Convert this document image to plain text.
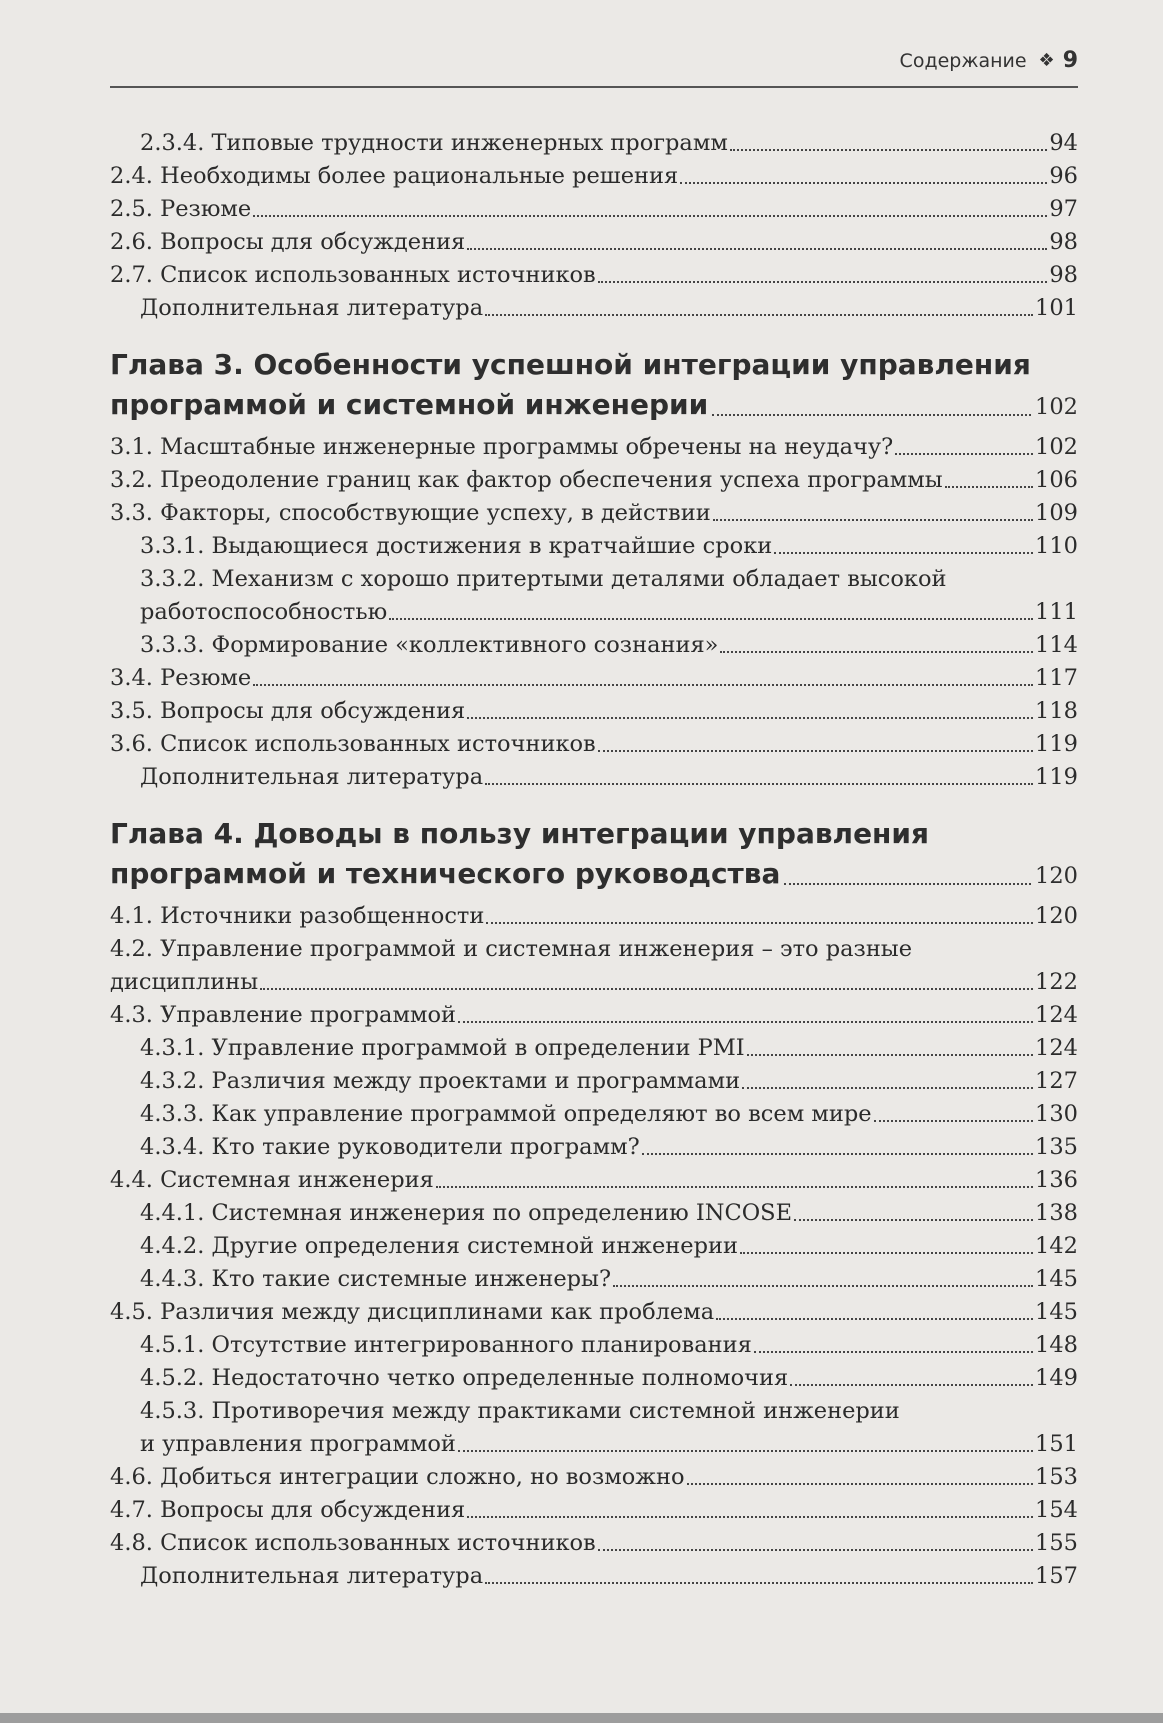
Содержание ❖ 9
2.3.4. Типовые трудности инженерных программ	94
2.4. Необходимы более рациональные решения	96
2.5. Резюме	97
2.6. Вопросы для обсуждения	98
2.7. Список использованных источников	98
Дополнительная литература	101
Глава 3. Особенности успешной интеграции управления
программой и системной инженерии	102
3.1. Масштабные инженерные программы обречены на неудачу?	102
3.2. Преодоление границ как фактор обеспечения успеха программы	106
3.3. Факторы, способствующие успеху, в действии	109
3.3.1. Выдающиеся достижения в кратчайшие сроки	110
3.3.2. Механизм с хорошо притертыми деталями обладает высокой
работоспособностью	111
3.3.3. Формирование «коллективного сознания»	114
3.4. Резюме	117
3.5. Вопросы для обсуждения	118
3.6. Список использованных источников	119
Дополнительная литература	119
Глава 4. Доводы в пользу интеграции управления
программой и технического руководства	120
4.1. Источники разобщенности	120
4.2. Управление программой и системная инженерия – это разные
дисциплины	122
4.3. Управление программой	124
4.3.1. Управление программой в определении PMI	124
4.3.2. Различия между проектами и программами	127
4.3.3. Как управление программой определяют во всем мире	130
4.3.4. Кто такие руководители программ?	135
4.4. Системная инженерия	136
4.4.1. Системная инженерия по определению INCOSE	138
4.4.2. Другие определения системной инженерии	142
4.4.3. Кто такие системные инженеры?	145
4.5. Различия между дисциплинами как проблема	145
4.5.1. Отсутствие интегрированного планирования	148
4.5.2. Недостаточно четко определенные полномочия	149
4.5.3. Противоречия между практиками системной инженерии
и управления программой	151
4.6. Добиться интеграции сложно, но возможно	153
4.7. Вопросы для обсуждения	154
4.8. Список использованных источников	155
Дополнительная литература	157
